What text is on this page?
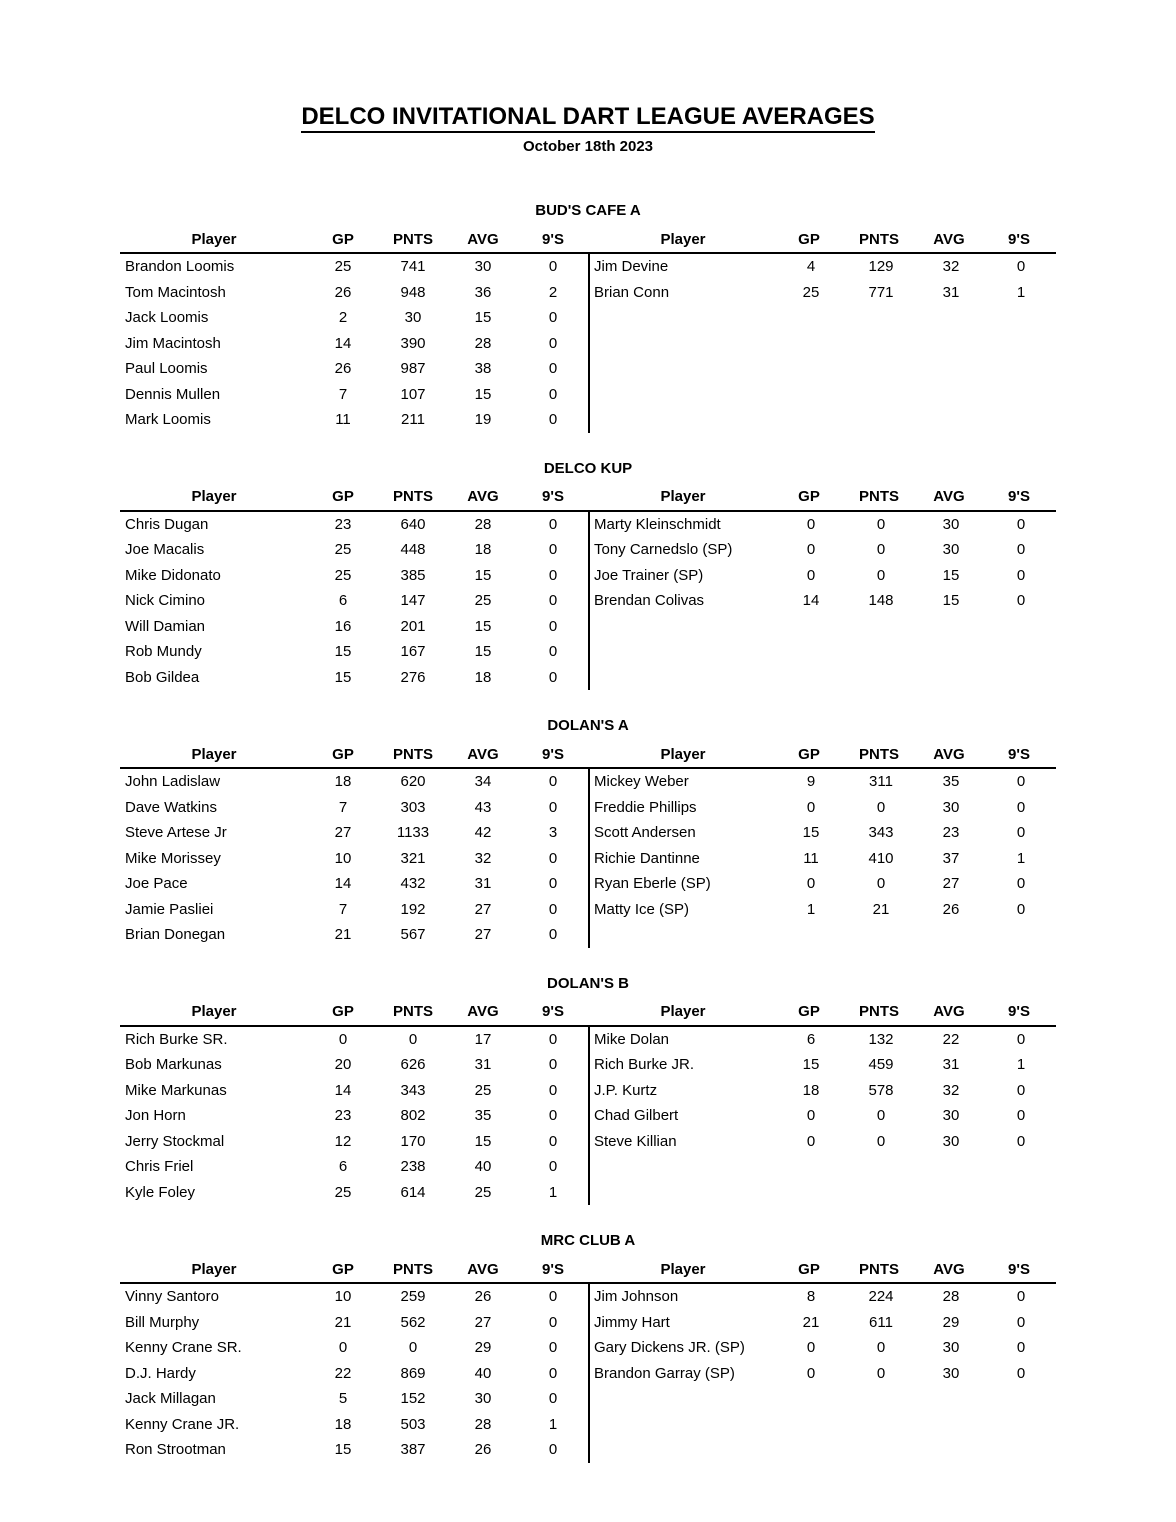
DELCO INVITATIONAL DART LEAGUE AVERAGES
October 18th 2023
BUD'S CAFE A
Player	GP	PNTS	AVG	9'S
Brandon Loomis	25	741	30	0
Tom Macintosh	26	948	36	2
Jack Loomis	2	30	15	0
Jim Macintosh	14	390	28	0
Paul Loomis	26	987	38	0
Dennis Mullen	7	107	15	0
Mark Loomis	11	211	19	0
Player	GP	PNTS	AVG	9'S
Jim Devine	4	129	32	0
Brian Conn	25	771	31	1
DELCO KUP
Player	GP	PNTS	AVG	9'S
Chris Dugan	23	640	28	0
Joe Macalis	25	448	18	0
Mike Didonato	25	385	15	0
Nick Cimino	6	147	25	0
Will Damian	16	201	15	0
Rob Mundy	15	167	15	0
Bob Gildea	15	276	18	0
Player	GP	PNTS	AVG	9'S
Marty Kleinschmidt	0	0	30	0
Tony Carnedslo (SP)	0	0	30	0
Joe Trainer (SP)	0	0	15	0
Brendan Colivas	14	148	15	0
DOLAN'S A
Player	GP	PNTS	AVG	9'S
John Ladislaw	18	620	34	0
Dave Watkins	7	303	43	0
Steve Artese Jr	27	1133	42	3
Mike Morissey	10	321	32	0
Joe Pace	14	432	31	0
Jamie Pasliei	7	192	27	0
Brian Donegan	21	567	27	0
Player	GP	PNTS	AVG	9'S
Mickey Weber	9	311	35	0
Freddie Phillips	0	0	30	0
Scott Andersen	15	343	23	0
Richie Dantinne	11	410	37	1
Ryan Eberle (SP)	0	0	27	0
Matty Ice (SP)	1	21	26	0
DOLAN'S B
Player	GP	PNTS	AVG	9'S
Rich Burke SR.	0	0	17	0
Bob Markunas	20	626	31	0
Mike Markunas	14	343	25	0
Jon Horn	23	802	35	0
Jerry Stockmal	12	170	15	0
Chris Friel	6	238	40	0
Kyle Foley	25	614	25	1
Player	GP	PNTS	AVG	9'S
Mike Dolan	6	132	22	0
Rich Burke JR.	15	459	31	1
J.P. Kurtz	18	578	32	0
Chad Gilbert	0	0	30	0
Steve Killian	0	0	30	0
MRC CLUB A
Player	GP	PNTS	AVG	9'S
Vinny Santoro	10	259	26	0
Bill Murphy	21	562	27	0
Kenny Crane SR.	0	0	29	0
D.J. Hardy	22	869	40	0
Jack Millagan	5	152	30	0
Kenny Crane JR.	18	503	28	1
Ron Strootman	15	387	26	0
Player	GP	PNTS	AVG	9'S
Jim Johnson	8	224	28	0
Jimmy Hart	21	611	29	0
Gary Dickens JR. (SP)	0	0	30	0
Brandon Garray (SP)	0	0	30	0
